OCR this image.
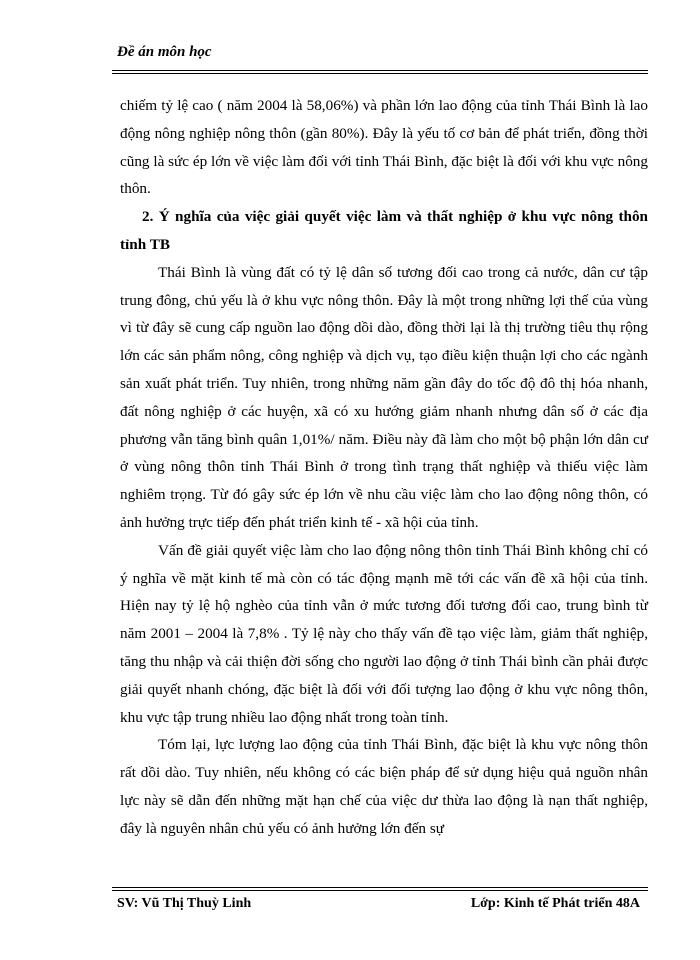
Đề án môn học

chiếm tỷ lệ cao ( năm 2004 là 58,06%) và phần lớn lao động của tỉnh Thái Bình là lao động nông nghiệp nông thôn (gần 80%). Đây là yếu tố cơ bản để phát triển, đồng thời cũng là sức ép lớn về việc làm đối với tỉnh Thái Bình, đặc biệt là đối với khu vực nông thôn.

2. Ý nghĩa của việc giải quyết việc làm và thất nghiệp ở khu vực nông thôn tỉnh TB

Thái Bình là vùng đất có tỷ lệ dân số tương đối cao trong cả nước, dân cư tập trung đông, chủ yếu là ở khu vực nông thôn. Đây là một trong những lợi thế của vùng vì từ đây sẽ cung cấp nguồn lao động dồi dào, đồng thời lại là thị trường tiêu thụ rộng lớn các sản phẩm nông, công nghiệp và dịch vụ, tạo điều kiện thuận lợi cho các ngành sản xuất phát triển. Tuy nhiên, trong những năm gần đây do tốc độ đô thị hóa nhanh, đất nông nghiệp ở các huyện, xã có xu hướng giảm nhanh nhưng dân số ở các địa phương vẫn tăng bình quân 1,01%/ năm. Điều này đã làm cho một bộ phận lớn dân cư ở vùng nông thôn tỉnh Thái Bình ở trong tình trạng thất nghiệp và thiếu việc làm nghiêm trọng. Từ đó gây sức ép lớn về nhu cầu việc làm cho lao động nông thôn, có ảnh hưởng trực tiếp đến phát triển kinh tế - xã hội của tỉnh.

Vấn đề giải quyết việc làm cho lao động nông thôn tỉnh Thái Bình không chỉ có ý nghĩa về mặt kinh tế mà còn có tác động mạnh mẽ tới các vấn đề xã hội của tỉnh. Hiện nay tỷ lệ hộ nghèo của tỉnh vẫn ở mức tương đối tương đối cao, trung bình từ năm 2001 – 2004 là 7,8% . Tỷ lệ này cho thấy vấn đề tạo việc làm, giảm thất nghiệp, tăng thu nhập và cải thiện đời sống cho người lao động ở tỉnh Thái bình cần phải được giải quyết nhanh chóng, đặc biệt là đối với đối tượng lao động ở khu vực nông thôn, khu vực tập trung nhiều lao động nhất trong toàn tỉnh.

Tóm lại, lực lượng lao động của tỉnh Thái Bình, đặc biệt là khu vực nông thôn rất dồi dào. Tuy nhiên, nếu không có các biện pháp để sử dụng hiệu quả nguồn nhân lực này sẽ dẫn đến những mặt hạn chế của việc dư thừa lao động là nạn thất nghiệp, đây là nguyên nhân chủ yếu có ảnh hưởng lớn đến sự

SV: Vũ Thị Thuỳ Linh	Lớp: Kinh tế Phát triển 48A
